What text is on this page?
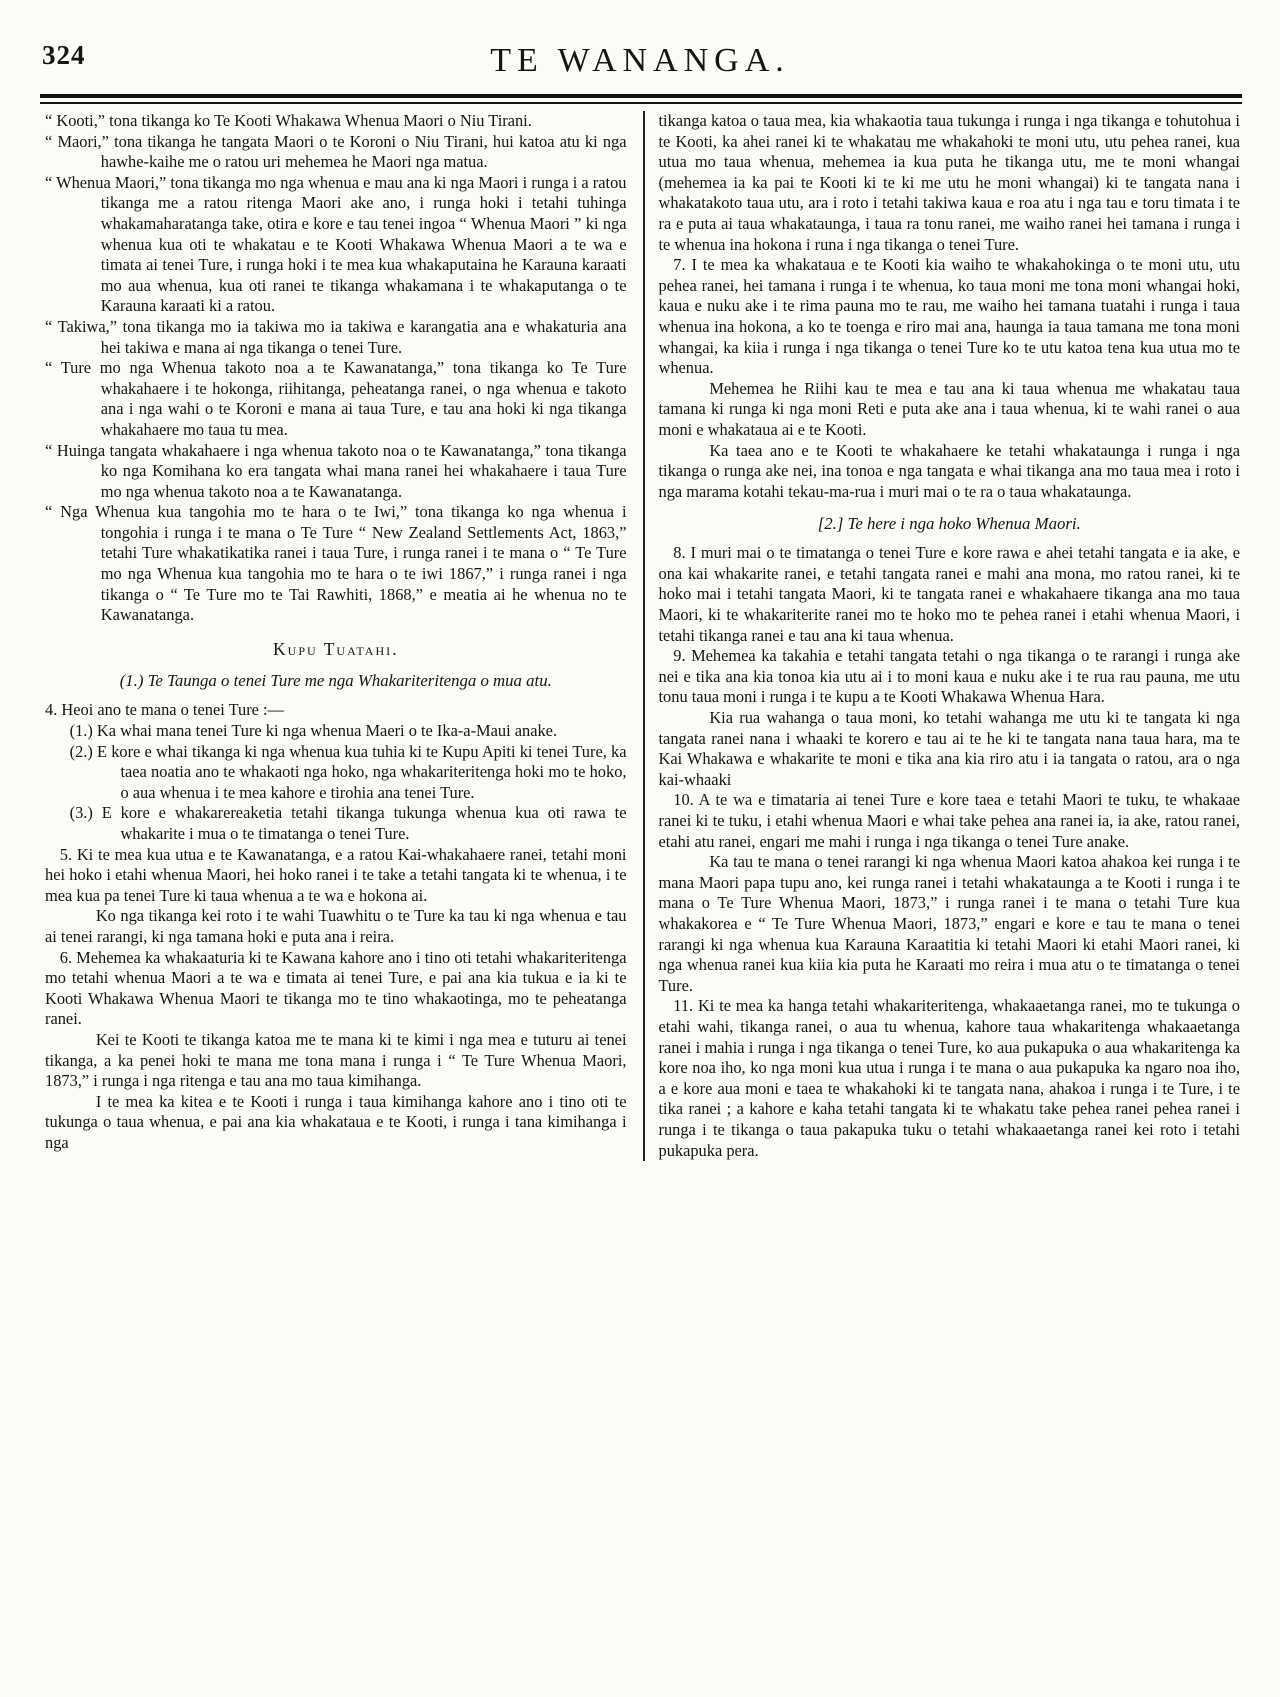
324	TE WANANGA.

“ Kooti,” tona tikanga ko Te Kooti Whakawa Whenua Maori o Niu Tirani.

“ Maori,” tona tikanga he tangata Maori o te Koroni o Niu Tirani, hui katoa atu ki nga hawhe-kaihe me o ratou uri mehemea he Maori nga matua.

“ Whenua Maori,” tona tikanga mo nga whenua e mau ana ki nga Maori i runga i a ratou tikanga me a ratou ritenga Maori ake ano, i runga hoki i tetahi tuhinga whakamaharatanga take, otira e kore e tau tenei ingoa “ Whenua Maori ” ki nga whenua kua oti te whakatau e te Kooti Whakawa Whenua Maori a te wa e timata ai tenei Ture, i runga hoki i te mea kua whakaputaina he Karauna karaati mo aua whenua, kua oti ranei te tikanga whakamana i te whakaputanga o te Karauna karaati ki a ratou.

“ Takiwa,” tona tikanga mo ia takiwa mo ia takiwa e karangatia ana e whakaturia ana hei takiwa e mana ai nga tikanga o tenei Ture.

“ Ture mo nga Whenua takoto noa a te Kawanatanga,” tona tikanga ko Te Ture whakahaere i te hokonga, riihitanga, peheatanga ranei, o nga whenua e takoto ana i nga wahi o te Koroni e mana ai taua Ture, e tau ana hoki ki nga tikanga whakahaere mo taua tu mea.

“ Huinga tangata whakahaere i nga whenua takoto noa o te Kawanatanga,” tona tikanga ko nga Komihana ko era tangata whai mana ranei hei whakahaere i taua Ture mo nga whenua takoto noa a te Kawanatanga.

“ Nga Whenua kua tangohia mo te hara o te Iwi,” tona tikanga ko nga whenua i tongohia i runga i te mana o Te Ture “ New Zealand Settlements Act, 1863,” tetahi Ture whakatikatika ranei i taua Ture, i runga ranei i te mana o “ Te Ture mo nga Whenua kua tangohia mo te hara o te iwi 1867,” i runga ranei i nga tikanga o “ Te Ture mo te Tai Rawhiti, 1868,” e meatia ai he whenua no te Kawanatanga.

Kupu Tuatahi.
(1.) Te Taunga o tenei Ture me nga Whakariteritenga o mua atu.

4. Heoi ano te mana o tenei Ture :—

(1.) Ka whai mana tenei Ture ki nga whenua Maeri o te Ika-a-Maui anake.

(2.) E kore e whai tikanga ki nga whenua kua tuhia ki te Kupu Apiti ki tenei Ture, ka taea noatia ano te whakaoti nga hoko, nga whakariteritenga hoki mo te hoko, o aua whenua i te mea kahore e tirohia ana tenei Ture.

(3.) E kore e whakarereaketia tetahi tikanga tukunga whenua kua oti rawa te whakarite i mua o te timatanga o tenei Ture.

5. Ki te mea kua utua e te Kawanatanga, e a ratou Kai-whakahaere ranei, tetahi moni hei hoko i etahi whenua Maori, hei hoko ranei i te take a tetahi tangata ki te whenua, i te mea kua pa tenei Ture ki taua whenua a te wa e hokona ai.

Ko nga tikanga kei roto i te wahi Tuawhitu o te Ture ka tau ki nga whenua e tau ai tenei rarangi, ki nga tamana hoki e puta ana i reira.

6. Mehemea ka whakaaturia ki te Kawana kahore ano i tino oti tetahi whakariteritenga mo tetahi whenua Maori a te wa e timata ai tenei Ture, e pai ana kia tukua e ia ki te Kooti Whakawa Whenua Maori te tikanga mo te tino whakaotinga, mo te peheatanga ranei.

Kei te Kooti te tikanga katoa me te mana ki te kimi i nga mea e tuturu ai tenei tikanga, a ka penei hoki te mana me tona mana i runga i “ Te Ture Whenua Maori, 1873,” i runga i nga ritenga e tau ana mo taua kimihanga.

I te mea ka kitea e te Kooti i runga i taua kimihanga kahore ano i tino oti te tukunga o taua whenua, e pai ana kia whakataua e te Kooti, i runga i tana kimihanga i nga

tikanga katoa o taua mea, kia whakaotia taua tukunga i runga i nga tikanga e tohutohua i te Kooti, ka ahei ranei ki te whakatau me whakahoki te moni utu, utu pehea ranei, kua utua mo taua whenua, mehemea ia kua puta he tikanga utu, me te moni whangai (mehemea ia ka pai te Kooti ki te ki me utu he moni whangai) ki te tangata nana i whakatakoto taua utu, ara i roto i tetahi takiwa kaua e roa atu i nga tau e toru timata i te ra e puta ai taua whakataunga, i taua ra tonu ranei, me waiho ranei hei tamana i runga i te whenua ina hokona i runa i nga tikanga o tenei Ture.

7. I te mea ka whakataua e te Kooti kia waiho te whakahokinga o te moni utu, utu pehea ranei, hei tamana i runga i te whenua, ko taua moni me tona moni whangai hoki, kaua e nuku ake i te rima pauna mo te rau, me waiho hei tamana tuatahi i runga i taua whenua ina hokona, a ko te toenga e riro mai ana, haunga ia taua tamana me tona moni whangai, ka kiia i runga i nga tikanga o tenei Ture ko te utu katoa tena kua utua mo te whenua.

Mehemea he Riihi kau te mea e tau ana ki taua whenua me whakatau taua tamana ki runga ki nga moni Reti e puta ake ana i taua whenua, ki te wahi ranei o aua moni e whakataua ai e te Kooti.

Ka taea ano e te Kooti te whakahaere ke tetahi whakataunga i runga i nga tikanga o runga ake nei, ina tonoa e nga tangata e whai tikanga ana mo taua mea i roto i nga marama kotahi tekau-ma-rua i muri mai o te ra o taua whakataunga.

[2.] Te here i nga hoko Whenua Maori.

8. I muri mai o te timatanga o tenei Ture e kore rawa e ahei tetahi tangata e ia ake, e ona kai whakarite ranei, e tetahi tangata ranei e mahi ana mona, mo ratou ranei, ki te hoko mai i tetahi tangata Maori, ki te tangata ranei e whakahaere tikanga ana mo taua Maori, ki te whakariterite ranei mo te hoko mo te pehea ranei i etahi whenua Maori, i tetahi tikanga ranei e tau ana ki taua whenua.

9. Mehemea ka takahia e tetahi tangata tetahi o nga tikanga o te rarangi i runga ake nei e tika ana kia tonoa kia utu ai i to moni kaua e nuku ake i te rua rau pauna, me utu tonu taua moni i runga i te kupu a te Kooti Whakawa Whenua Hara.

Kia rua wahanga o taua moni, ko tetahi wahanga me utu ki te tangata ki nga tangata ranei nana i whaaki te korero e tau ai te he ki te tangata nana taua hara, ma te Kai Whakawa e whakarite te moni e tika ana kia riro atu i ia tangata o ratou, ara o nga kai-whaaki

10. A te wa e timataria ai tenei Ture e kore taea e tetahi Maori te tuku, te whakaae ranei ki te tuku, i etahi whenua Maori e whai take pehea ana ranei ia, ia ake, ratou ranei, etahi atu ranei, engari me mahi i runga i nga tikanga o tenei Ture anake.

Ka tau te mana o tenei rarangi ki nga whenua Maori katoa ahakoa kei runga i te mana Maori papa tupu ano, kei runga ranei i tetahi whakataunga a te Kooti i runga i te mana o Te Ture Whenua Maori, 1873,” i runga ranei i te mana o tetahi Ture kua whakakorea e “ Te Ture Whenua Maori, 1873,” engari e kore e tau te mana o tenei rarangi ki nga whenua kua Karauna Karaatitia ki tetahi Maori ki etahi Maori ranei, ki nga whenua ranei kua kiia kia puta he Karaati mo reira i mua atu o te timatanga o tenei Ture.

11. Ki te mea ka hanga tetahi whakariteritenga, whakaaetanga ranei, mo te tukunga o etahi wahi, tikanga ranei, o aua tu whenua, kahore taua whakaritenga whakaaetanga ranei i mahia i runga i nga tikanga o tenei Ture, ko aua pukapuka o aua whakaritenga ka kore noa iho, ko nga moni kua utua i runga i te mana o aua pukapuka ka ngaro noa iho, a e kore aua moni e taea te whakahoki ki te tangata nana, ahakoa i runga i te Ture, i te tika ranei ; a kahore e kaha tetahi tangata ki te whakatu take pehea ranei pehea ranei i runga i te tikanga o taua pakapuka tuku o tetahi whakaaetanga ranei kei roto i tetahi pukapuka pera.
